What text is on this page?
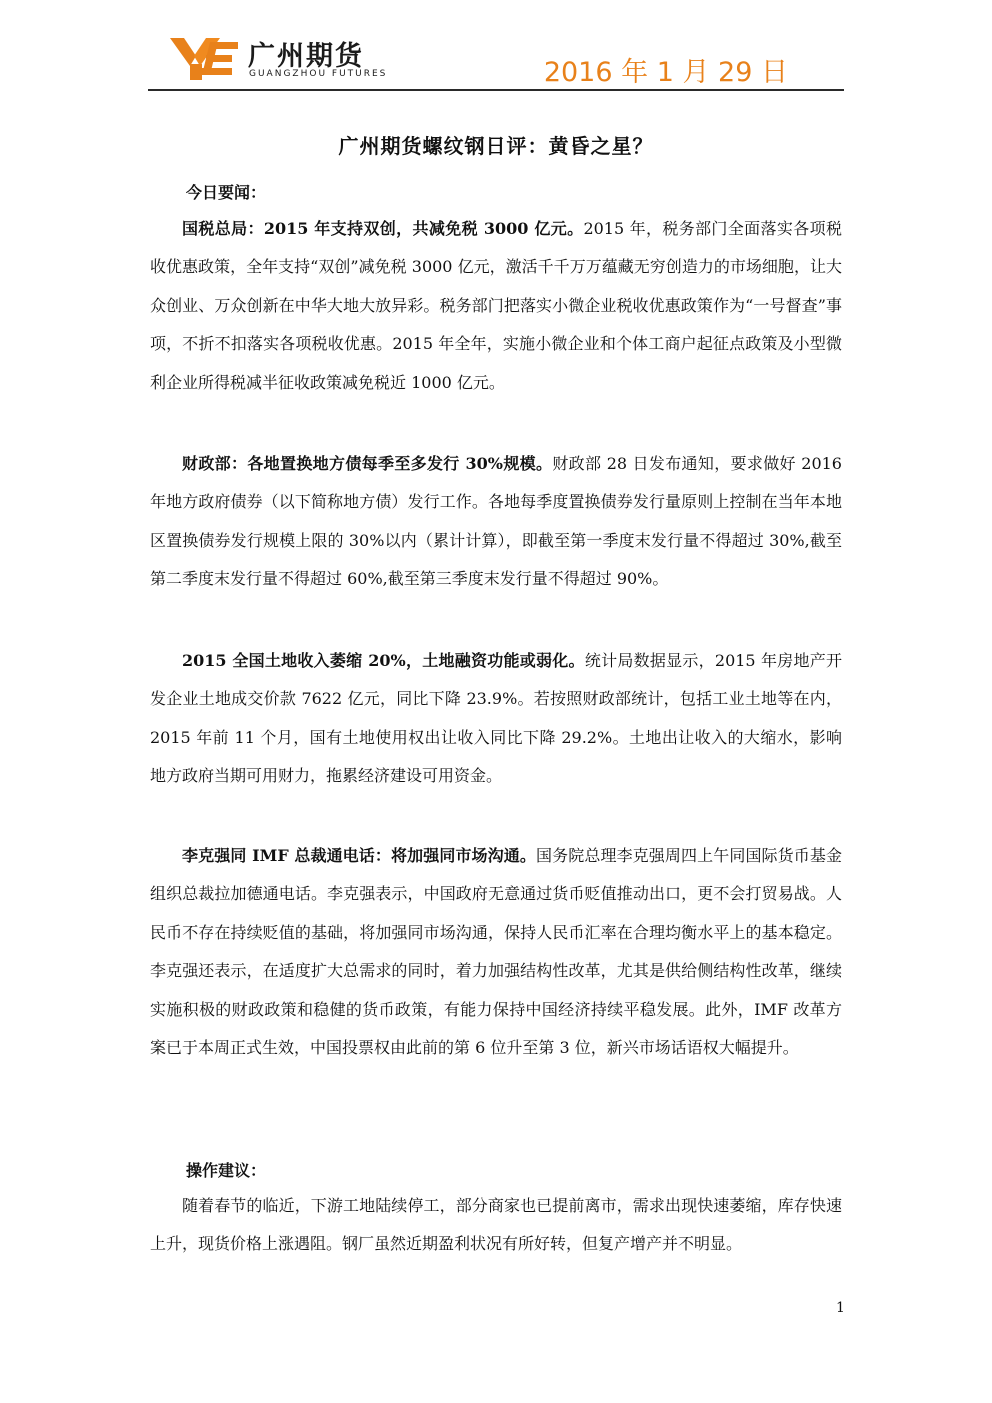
广州期货
GUANGZHOU FUTURES	2016 年 1 月 29 日
广州期货螺纹钢日评：黄昏之星？
今日要闻：
国税总局：2015 年支持双创，共减免税 3000 亿元。2015 年，税务部门全面落实各项税收优惠政策，全年支持“双创”减免税 3000 亿元，激活千千万万蕴藏无穷创造力的市场细胞，让大众创业、万众创新在中华大地大放异彩。税务部门把落实小微企业税收优惠政策作为“一号督查”事项，不折不扣落实各项税收优惠。2015 年全年，实施小微企业和个体工商户起征点政策及小型微利企业所得税减半征收政策减免税近 1000 亿元。
财政部：各地置换地方债每季至多发行 30%规模。财政部 28 日发布通知，要求做好 2016 年地方政府债券（以下简称地方债）发行工作。各地每季度置换债券发行量原则上控制在当年本地区置换债券发行规模上限的 30%以内（累计计算），即截至第一季度末发行量不得超过 30%,截至第二季度末发行量不得超过 60%,截至第三季度末发行量不得超过 90%。
2015 全国土地收入萎缩 20%，土地融资功能或弱化。统计局数据显示，2015 年房地产开发企业土地成交价款 7622 亿元，同比下降 23.9%。若按照财政部统计，包括工业土地等在内，2015 年前 11 个月，国有土地使用权出让收入同比下降 29.2%。土地出让收入的大缩水，影响地方政府当期可用财力，拖累经济建设可用资金。
李克强同 IMF 总裁通电话：将加强同市场沟通。国务院总理李克强周四上午同国际货币基金组织总裁拉加德通电话。李克强表示，中国政府无意通过货币贬值推动出口，更不会打贸易战。人民币不存在持续贬值的基础，将加强同市场沟通，保持人民币汇率在合理均衡水平上的基本稳定。李克强还表示，在适度扩大总需求的同时，着力加强结构性改革，尤其是供给侧结构性改革，继续实施积极的财政政策和稳健的货币政策，有能力保持中国经济持续平稳发展。此外，IMF 改革方案已于本周正式生效，中国投票权由此前的第 6 位升至第 3 位，新兴市场话语权大幅提升。
操作建议：
随着春节的临近，下游工地陆续停工，部分商家也已提前离市，需求出现快速萎缩，库存快速上升，现货价格上涨遇阻。钢厂虽然近期盈利状况有所好转，但复产增产并不明显。
1
